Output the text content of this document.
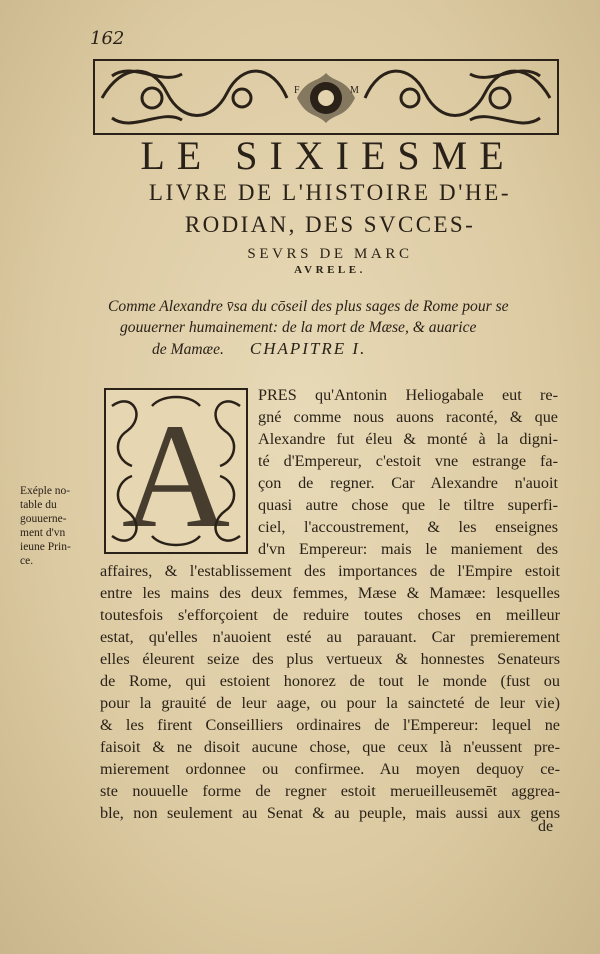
162
F	M
LE SIXIESME
LIVRE DE L'HISTOIRE D'HE-
RODIAN, DES SVCCES-
SEVRS DE MARC
AVRELE.
Comme Alexandre v̄sa du cōseil des plus sages de Rome pour se
gouuerner humainement: de la mort de Mæse, & auarice
de Mamæe. CHAPITRE I.
A
Exéple no-
table du
gouuerne-
ment d'vn
ieune Prin-
ce.
PRES qu'Antonin Heliogabale eut re-
gné comme nous auons raconté, & que
Alexandre fut éleu & monté à la digni-
té d'Empereur, c'estoit vne estrange fa-
çon de regner. Car Alexandre n'auoit
quasi autre chose que le tiltre superfi-
ciel, l'accoustrement, & les enseignes
d'vn Empereur: mais le maniement des
affaires, & l'establissement des importances de l'Empire estoit
entre les mains des deux femmes, Mæse & Mamæe: lesquelles
toutesfois s'efforçoient de reduire toutes choses en meilleur
estat, qu'elles n'auoient esté au parauant. Car premierement
elles éleurent seize des plus vertueux & honnestes Senateurs
de Rome, qui estoient honorez de tout le monde (fust ou
pour la grauité de leur aage, ou pour la saincteté de leur vie)
& les firent Conseilliers ordinaires de l'Empereur: lequel ne
faisoit & ne disoit aucune chose, que ceux là n'eussent pre-
mierement ordonnee ou confirmee. Au moyen dequoy ce-
ste nouuelle forme de regner estoit merueilleusemēt aggrea-
ble, non seulement au Senat & au peuple, mais aussi aux gens
de
